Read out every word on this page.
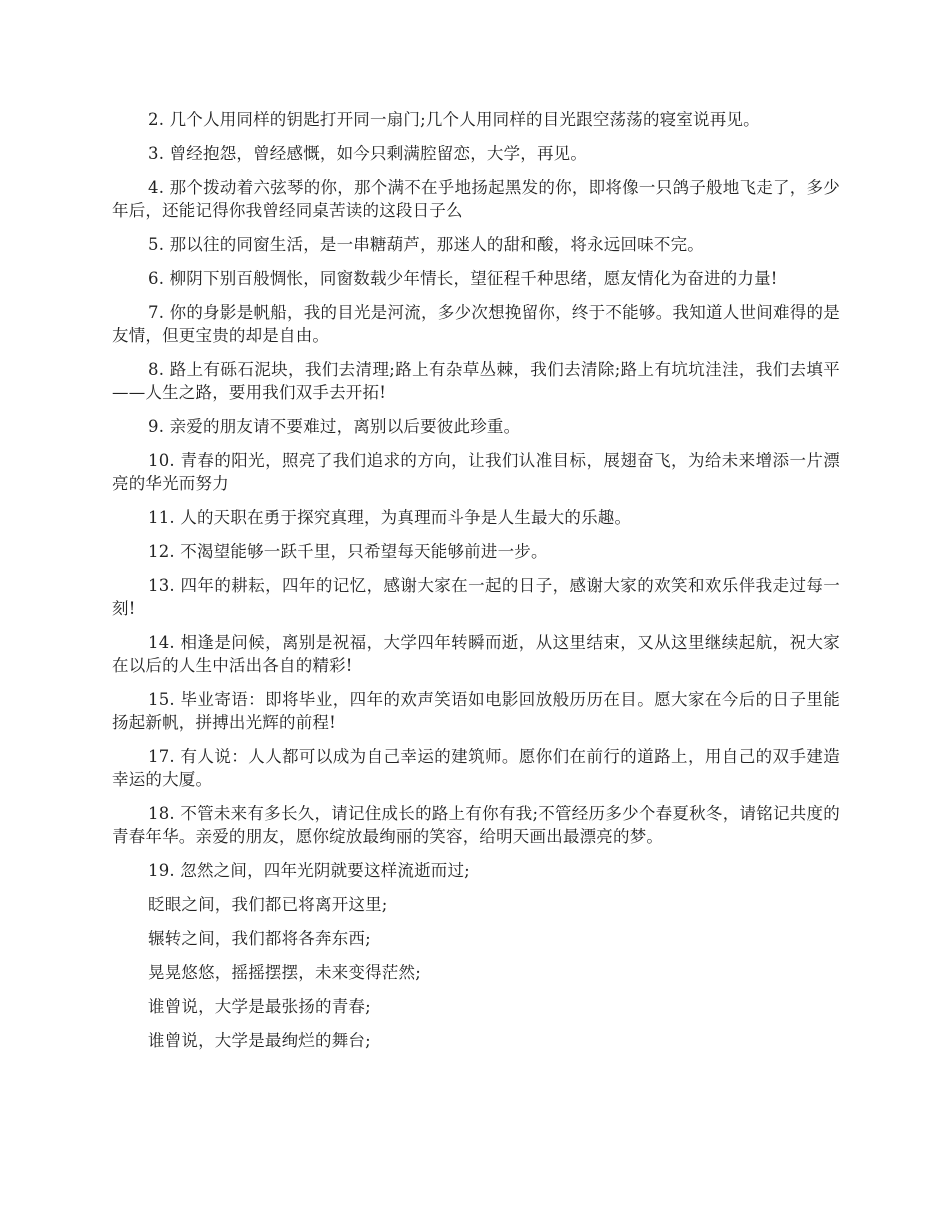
2. 几个人用同样的钥匙打开同一扇门;几个人用同样的目光跟空荡荡的寝室说再见。

3. 曾经抱怨，曾经感慨，如今只剩满腔留恋，大学，再见。

4. 那个拨动着六弦琴的你，那个满不在乎地扬起黑发的你，即将像一只鸽子般地飞走了，多少年后，还能记得你我曾经同桌苦读的这段日子么

5. 那以往的同窗生活，是一串糖葫芦，那迷人的甜和酸，将永远回味不完。

6. 柳阴下别百般惆怅，同窗数载少年情长，望征程千种思绪，愿友情化为奋进的力量!

7. 你的身影是帆船，我的目光是河流，多少次想挽留你，终于不能够。我知道人世间难得的是友情，但更宝贵的却是自由。

8. 路上有砾石泥块，我们去清理;路上有杂草丛棘，我们去清除;路上有坑坑洼洼，我们去填平——人生之路，要用我们双手去开拓!

9. 亲爱的朋友请不要难过，离别以后要彼此珍重。

10. 青春的阳光，照亮了我们追求的方向，让我们认准目标，展翅奋飞，为给未来增添一片漂亮的华光而努力

11. 人的天职在勇于探究真理，为真理而斗争是人生最大的乐趣。

12. 不渴望能够一跃千里，只希望每天能够前进一步。

13. 四年的耕耘，四年的记忆，感谢大家在一起的日子，感谢大家的欢笑和欢乐伴我走过每一刻!

14. 相逢是问候，离别是祝福，大学四年转瞬而逝，从这里结束，又从这里继续起航，祝大家在以后的人生中活出各自的精彩!

15. 毕业寄语：即将毕业，四年的欢声笑语如电影回放般历历在目。愿大家在今后的日子里能扬起新帆，拼搏出光辉的前程!

17. 有人说：人人都可以成为自己幸运的建筑师。愿你们在前行的道路上，用自己的双手建造幸运的大厦。

18. 不管未来有多长久，请记住成长的路上有你有我;不管经历多少个春夏秋冬，请铭记共度的青春年华。亲爱的朋友，愿你绽放最绚丽的笑容，给明天画出最漂亮的梦。

19. 忽然之间，四年光阴就要这样流逝而过;

眨眼之间，我们都已将离开这里;

辗转之间，我们都将各奔东西;

晃晃悠悠，摇摇摆摆，未来变得茫然;

谁曾说，大学是最张扬的青春;

谁曾说，大学是最绚烂的舞台;
